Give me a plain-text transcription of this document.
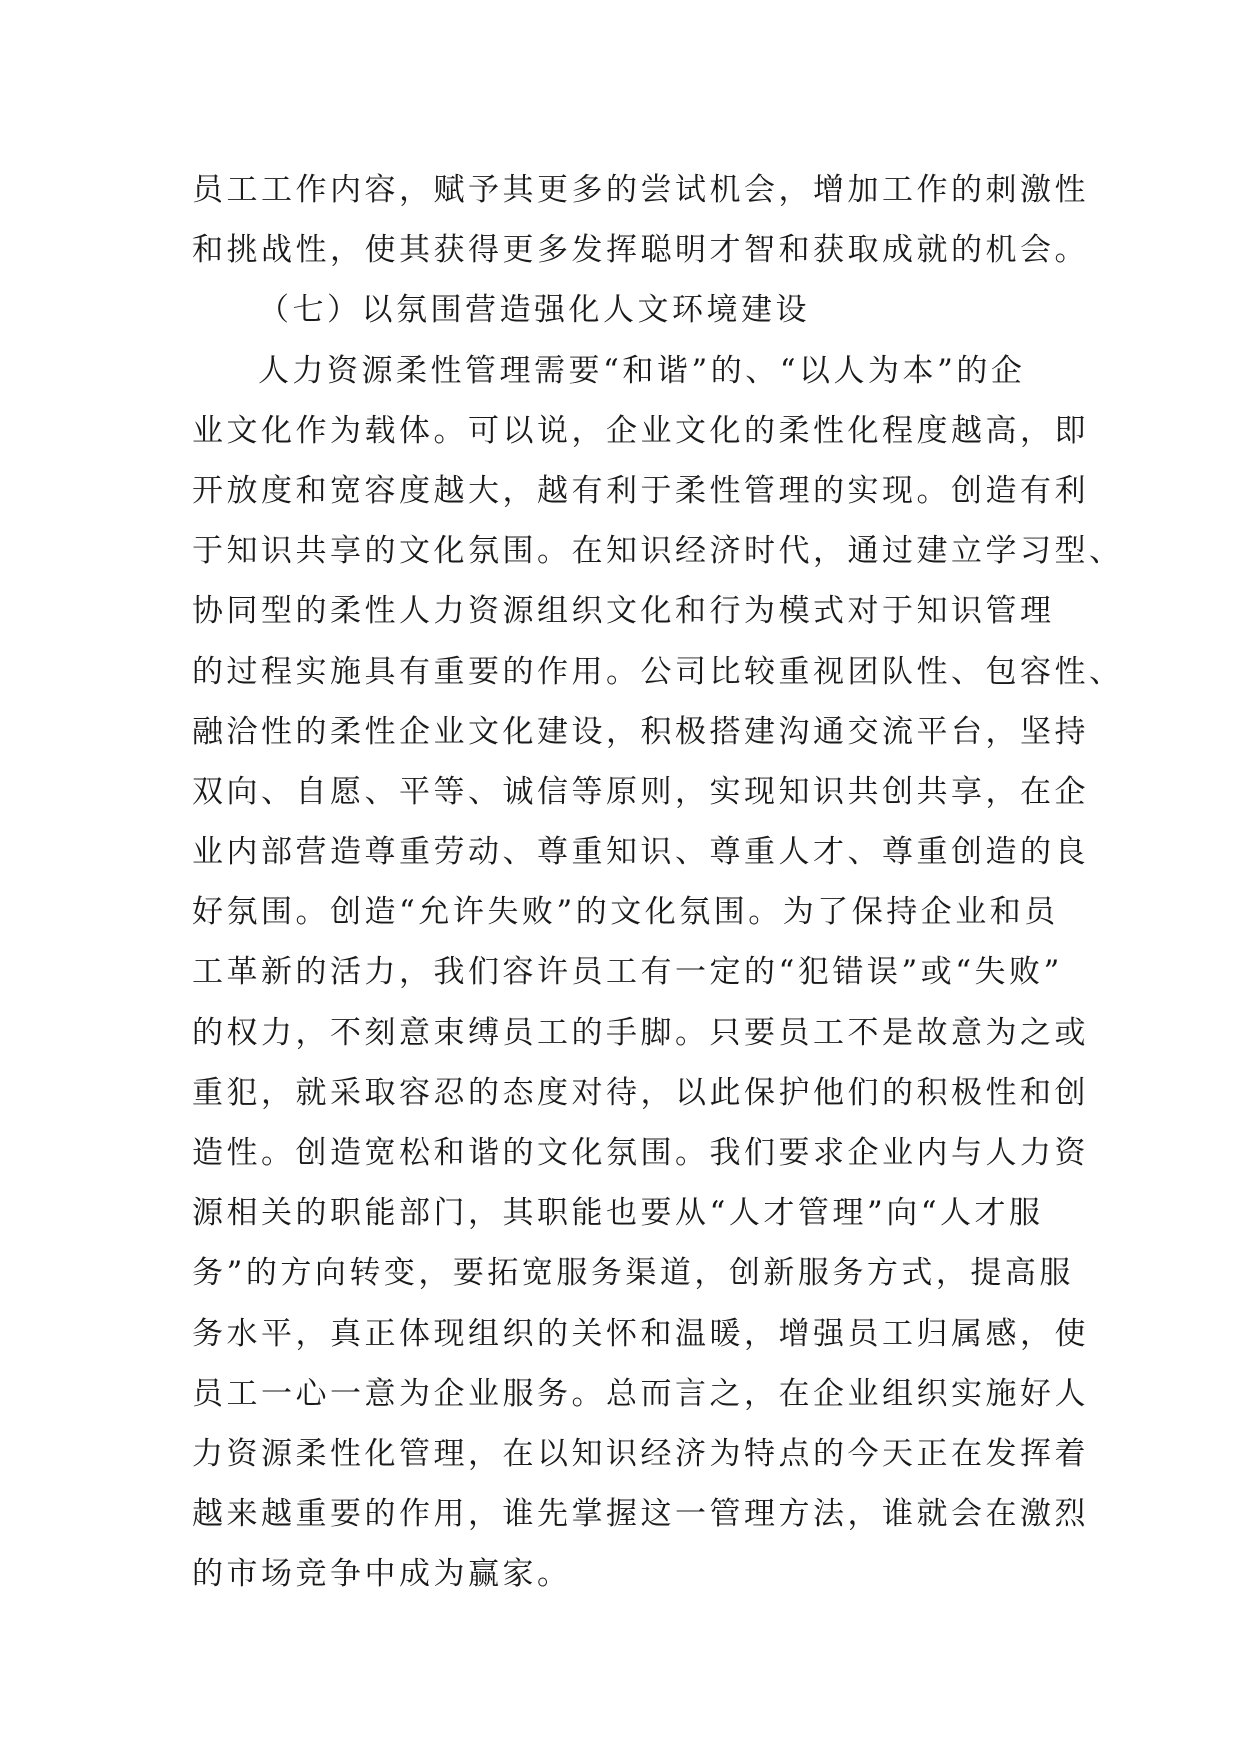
员工工作内容，赋予其更多的尝试机会，增加工作的刺激性
和挑战性，使其获得更多发挥聪明才智和获取成就的机会。
（七）以氛围营造强化人文环境建设
人力资源柔性管理需要“和谐”的、“以人为本”的企
业文化作为载体。可以说，企业文化的柔性化程度越高，即
开放度和宽容度越大，越有利于柔性管理的实现。创造有利
于知识共享的文化氛围。在知识经济时代，通过建立学习型、
协同型的柔性人力资源组织文化和行为模式对于知识管理
的过程实施具有重要的作用。公司比较重视团队性、包容性、
融洽性的柔性企业文化建设，积极搭建沟通交流平台，坚持
双向、自愿、平等、诚信等原则，实现知识共创共享，在企
业内部营造尊重劳动、尊重知识、尊重人才、尊重创造的良
好氛围。创造“允许失败”的文化氛围。为了保持企业和员
工革新的活力，我们容许员工有一定的“犯错误”或“失败”
的权力，不刻意束缚员工的手脚。只要员工不是故意为之或
重犯，就采取容忍的态度对待，以此保护他们的积极性和创
造性。创造宽松和谐的文化氛围。我们要求企业内与人力资
源相关的职能部门，其职能也要从“人才管理”向“人才服
务”的方向转变，要拓宽服务渠道，创新服务方式，提高服
务水平，真正体现组织的关怀和温暖，增强员工归属感，使
员工一心一意为企业服务。总而言之，在企业组织实施好人
力资源柔性化管理，在以知识经济为特点的今天正在发挥着
越来越重要的作用，谁先掌握这一管理方法，谁就会在激烈
的市场竞争中成为赢家。
